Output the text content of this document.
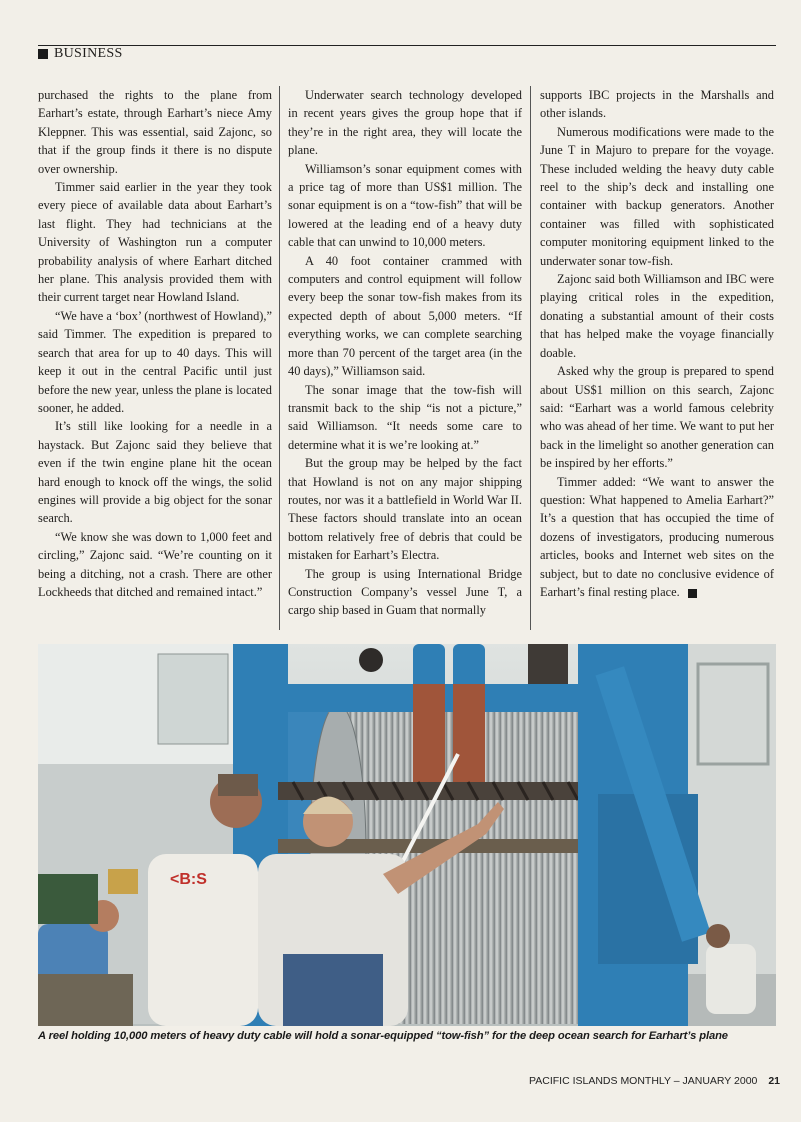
BUSINESS

purchased the rights to the plane from Earhart’s estate, through Earhart’s niece Amy Kleppner. This was essential, said Zajonc, so that if the group finds it there is no dispute over ownership.

Timmer said earlier in the year they took every piece of available data about Earhart’s last flight. They had technicians at the University of Washington run a computer probability analysis of where Earhart ditched her plane. This analysis provided them with their current target near Howland Island.

“We have a ‘box’ (northwest of Howland),” said Timmer. The expedition is prepared to search that area for up to 40 days. This will keep it out in the central Pacific until just before the new year, unless the plane is located sooner, he added.

It’s still like looking for a needle in a haystack. But Zajonc said they believe that even if the twin engine plane hit the ocean hard enough to knock off the wings, the solid engines will provide a big object for the sonar search.

“We know she was down to 1,000 feet and circling,” Zajonc said. “We’re counting on it being a ditching, not a crash. There are other Lockheeds that ditched and remained intact.”

Underwater search technology developed in recent years gives the group hope that if they’re in the right area, they will locate the plane.

Williamson’s sonar equipment comes with a price tag of more than US$1 million. The sonar equipment is on a “tow-fish” that will be lowered at the leading end of a heavy duty cable that can unwind to 10,000 meters.

A 40 foot container crammed with computers and control equipment will follow every beep the sonar tow-fish makes from its expected depth of about 5,000 meters. “If everything works, we can complete searching more than 70 percent of the target area (in the 40 days),” Williamson said.

The sonar image that the tow-fish will transmit back to the ship “is not a picture,” said Williamson. “It needs some care to determine what it is we’re looking at.”

But the group may be helped by the fact that Howland is not on any major shipping routes, nor was it a battlefield in World War II. These factors should translate into an ocean bottom relatively free of debris that could be mistaken for Earhart’s Electra.

The group is using International Bridge Construction Company’s vessel June T, a cargo ship based in Guam that normally

supports IBC projects in the Marshalls and other islands.

Numerous modifications were made to the June T in Majuro to prepare for the voyage. These included welding the heavy duty cable reel to the ship’s deck and installing one container with backup generators. Another container was filled with sophisticated computer monitoring equipment linked to the underwater sonar tow-fish.

Zajonc said both Williamson and IBC were playing critical roles in the expedition, donating a substantial amount of their costs that has helped make the voyage financially doable.

Asked why the group is prepared to spend about US$1 million on this search, Zajonc said: “Earhart was a world famous celebrity who was ahead of her time. We want to put her back in the limelight so another generation can be inspired by her efforts.”

Timmer added: “We want to answer the question: What happened to Amelia Earhart?” It’s a question that has occupied the time of dozens of investigators, producing numerous articles, books and Internet web sites on the subject, but to date no conclusive evidence of Earhart’s final resting place.

<B:S
A reel holding 10,000 meters of heavy duty cable will hold a sonar-equipped “tow-fish” for the deep ocean search for Earhart’s plane
PACIFIC ISLANDS MONTHLY – JANUARY 2000 21
